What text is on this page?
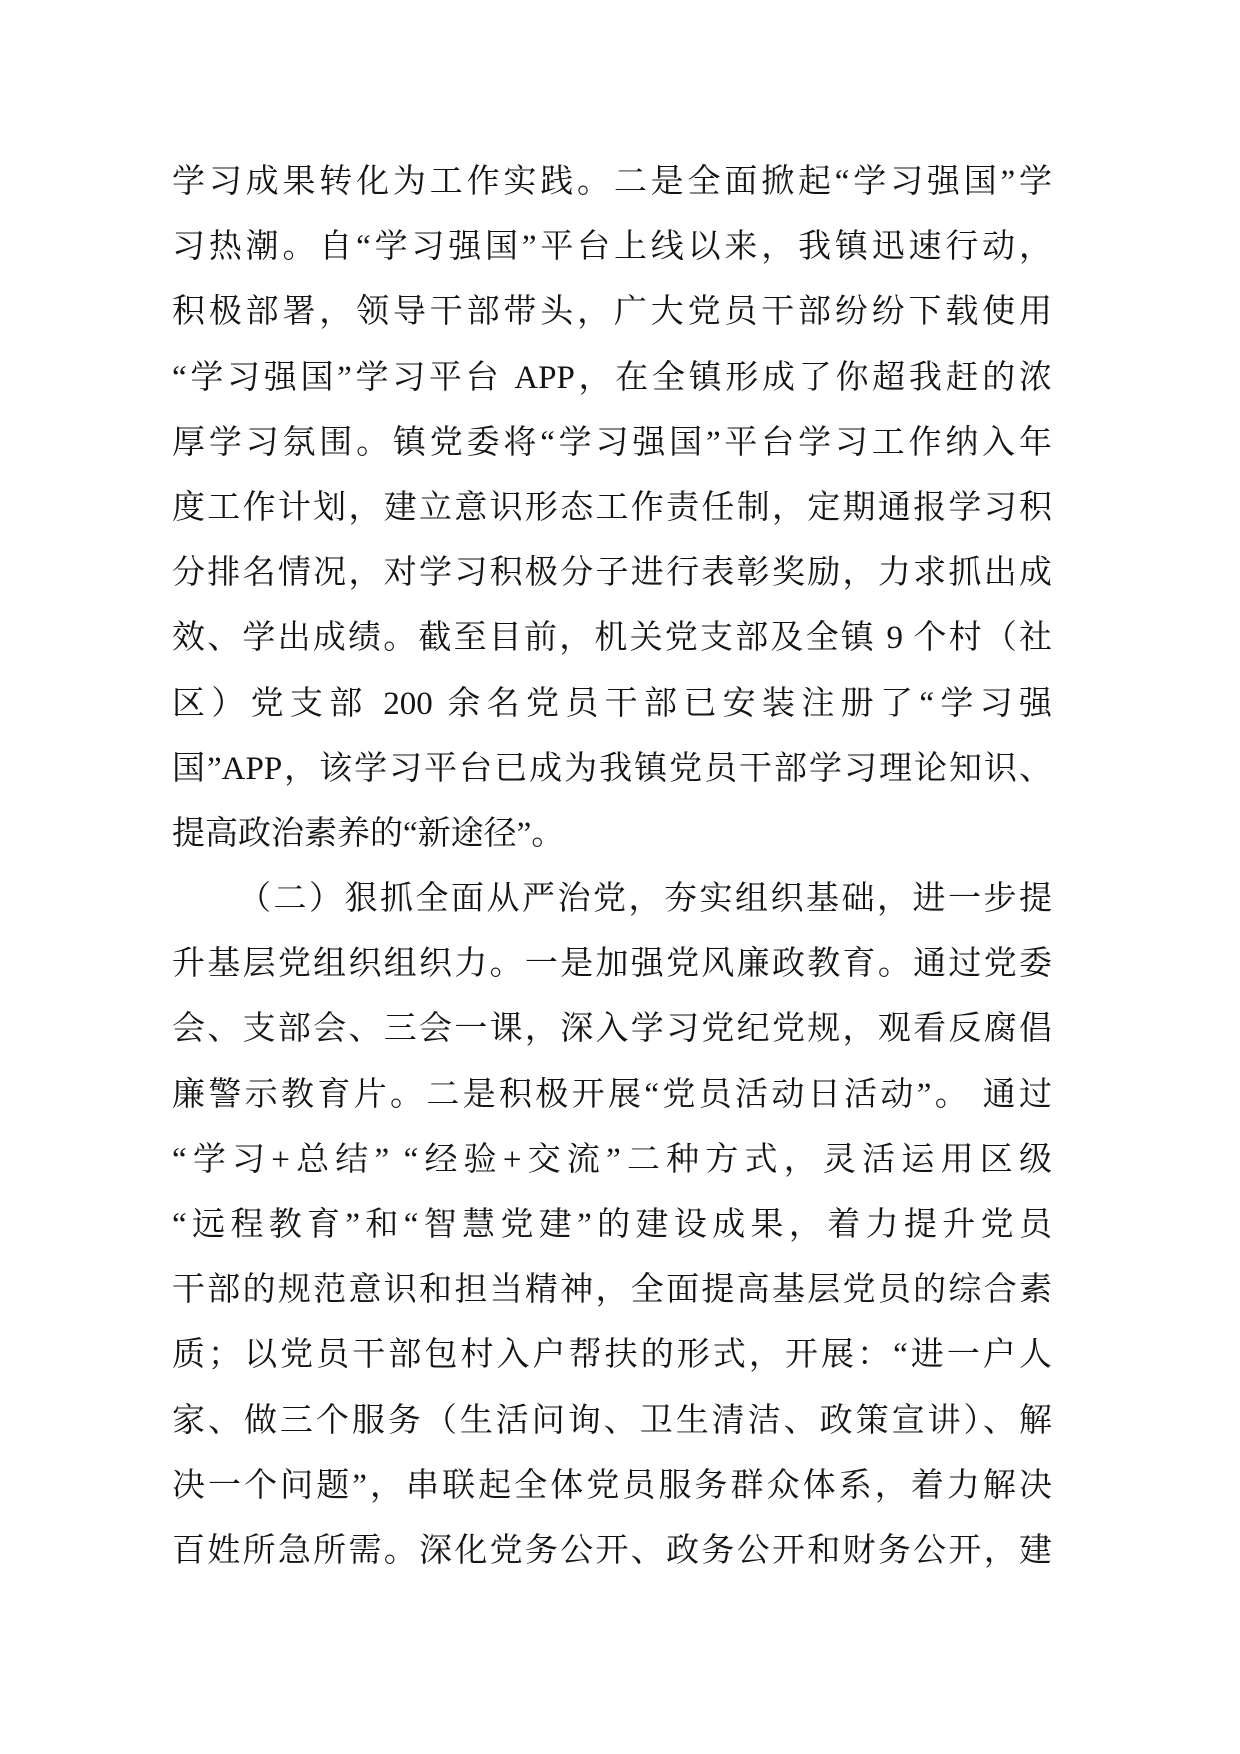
学习成果转化为工作实践。二是全面掀起“学习强国”学
习热潮。自“学习强国”平台上线以来，我镇迅速行动，
积极部署，领导干部带头，广大党员干部纷纷下载使用
“学习强国”学习平台 APP，在全镇形成了你超我赶的浓
厚学习氛围。镇党委将“学习强国”平台学习工作纳入年
度工作计划，建立意识形态工作责任制，定期通报学习积
分排名情况，对学习积极分子进行表彰奖励，力求抓出成
效、学出成绩。截至目前，机关党支部及全镇 9 个村（社
区）党支部 200 余名党员干部已安装注册了“学习强
国”APP，该学习平台已成为我镇党员干部学习理论知识、
提高政治素养的“新途径”。
（二）狠抓全面从严治党，夯实组织基础，进一步提
升基层党组织组织力。一是加强党风廉政教育。通过党委
会、支部会、三会一课，深入学习党纪党规，观看反腐倡
廉警示教育片。二是积极开展“党员活动日活动”。 通过
“学习+总结” “经验+交流”二种方式，灵活运用区级
“远程教育”和“智慧党建”的建设成果，着力提升党员
干部的规范意识和担当精神，全面提高基层党员的综合素
质；以党员干部包村入户帮扶的形式，开展：“进一户人
家、做三个服务（生活问询、卫生清洁、政策宣讲）、解
决一个问题”，串联起全体党员服务群众体系，着力解决
百姓所急所需。深化党务公开、政务公开和财务公开，建
